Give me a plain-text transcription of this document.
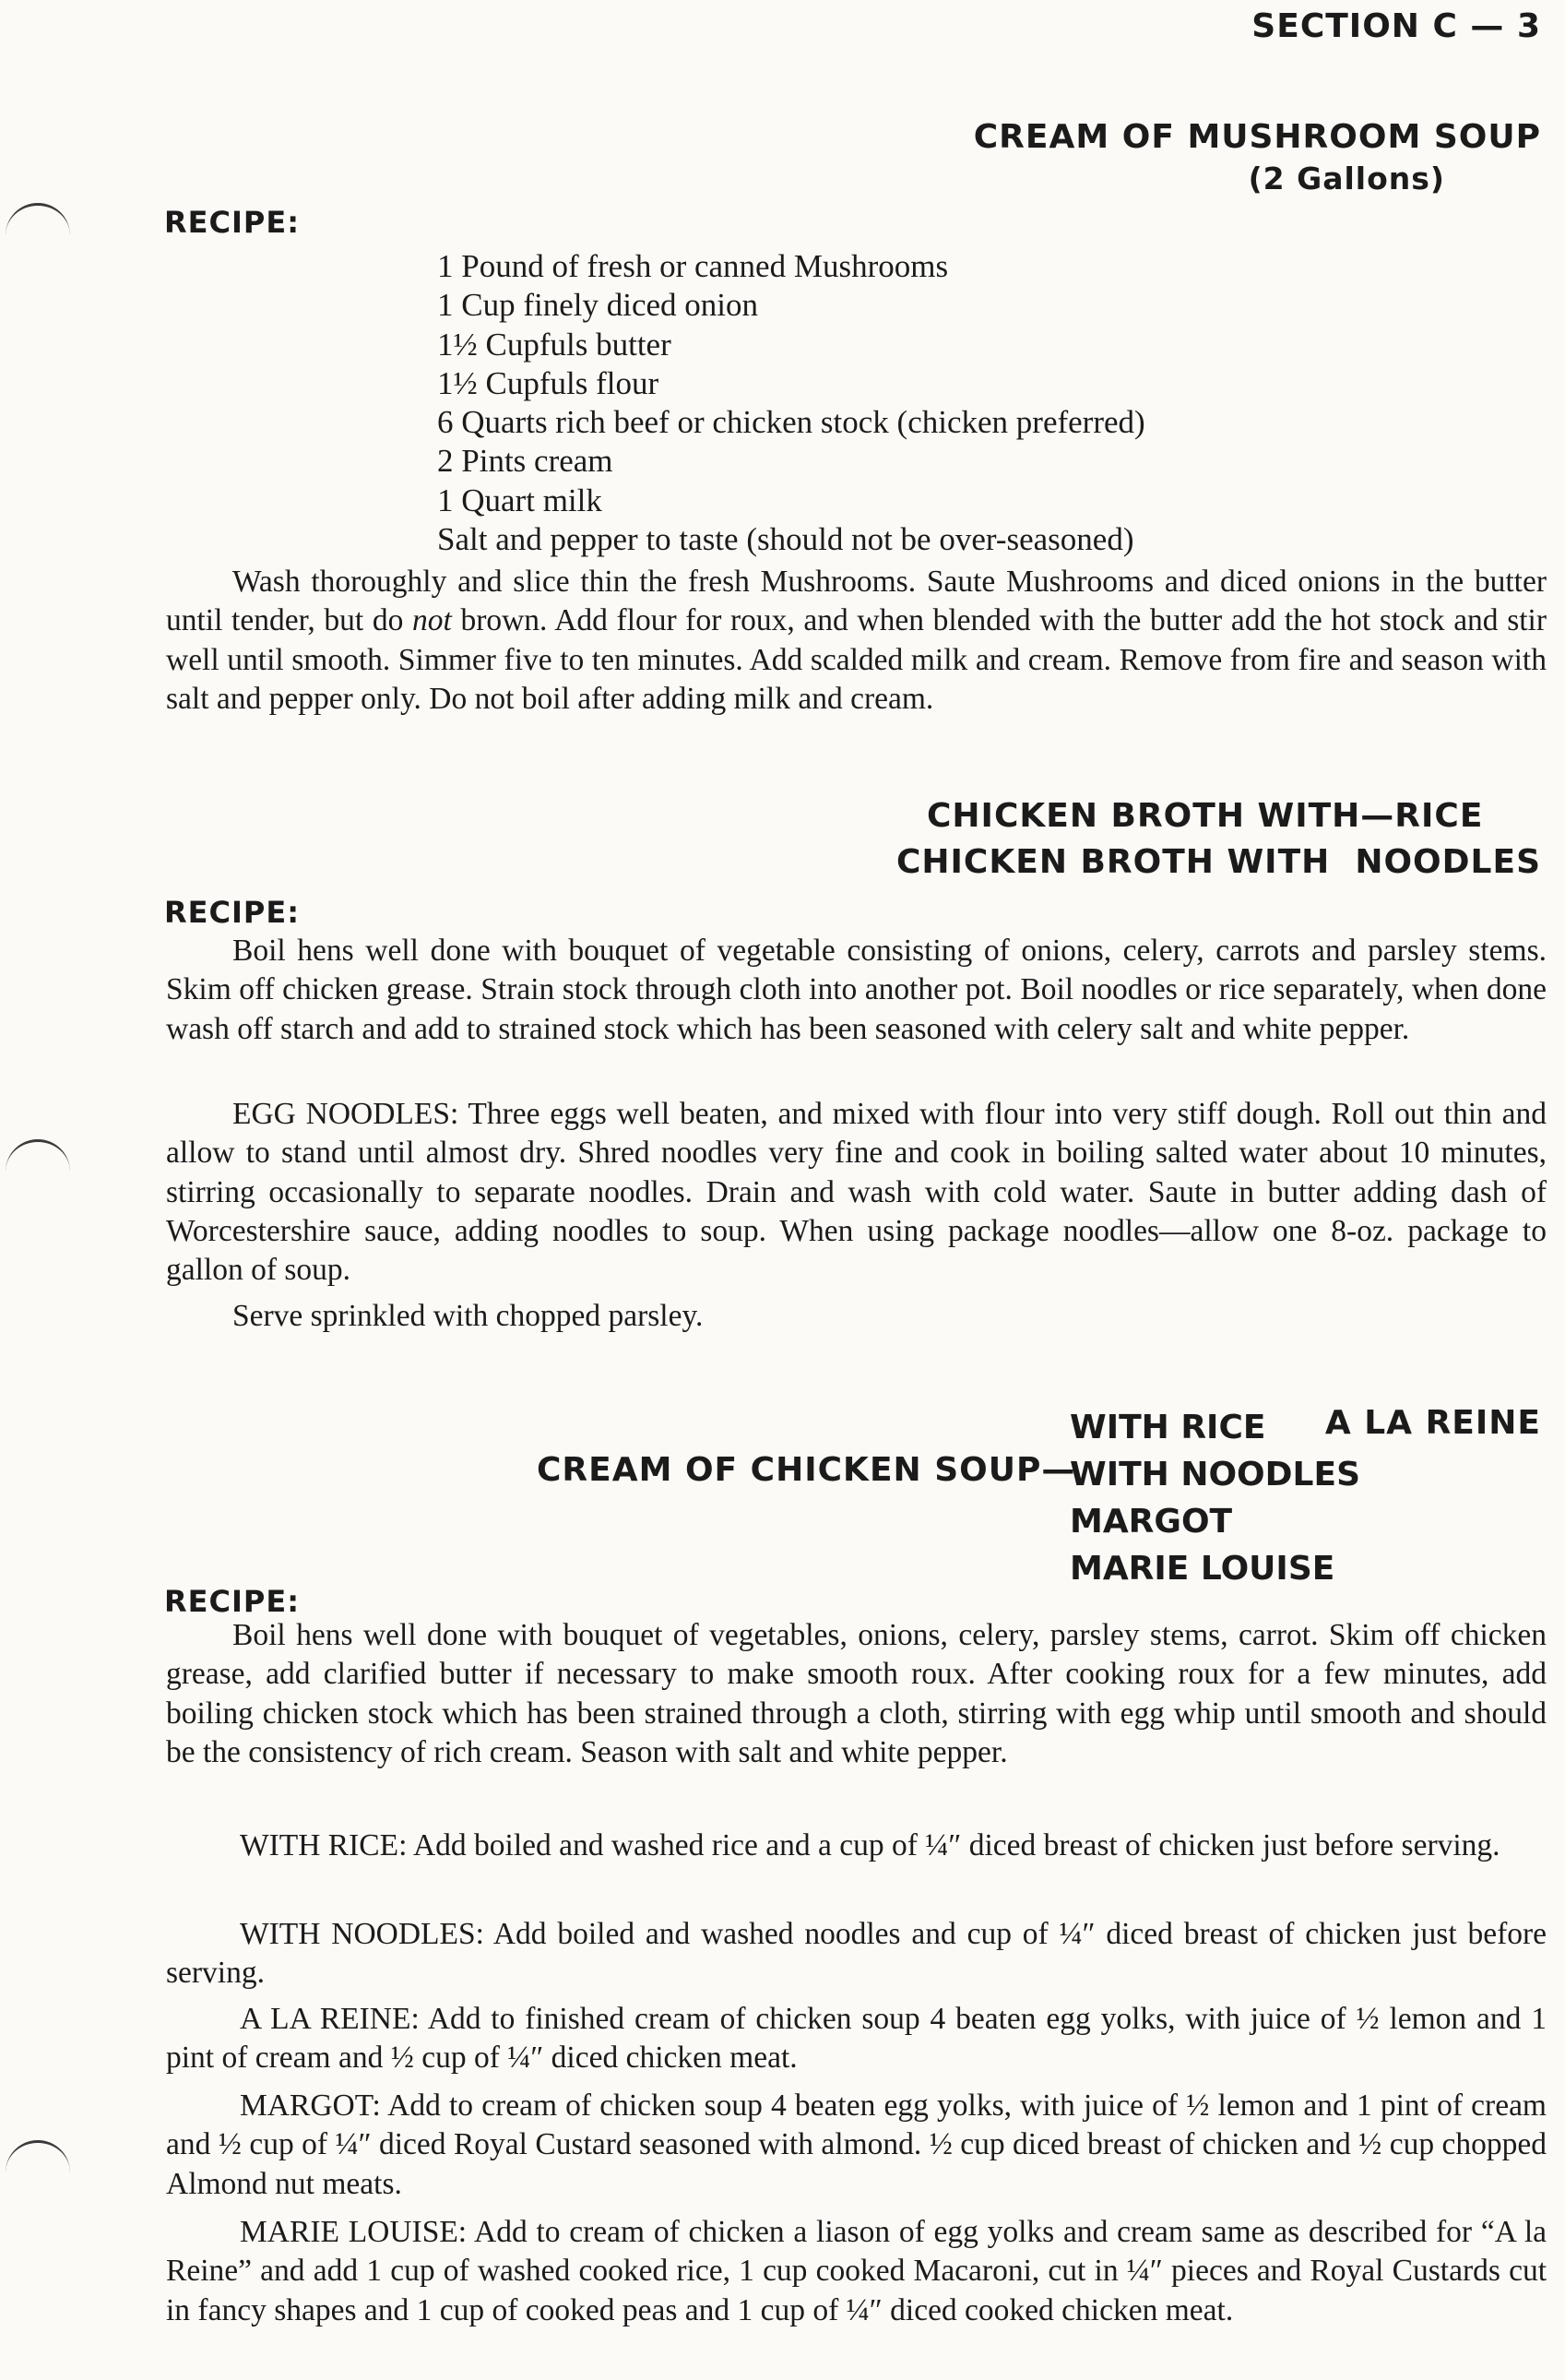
SECTION C — 3
CREAM OF MUSHROOM SOUP
(2 Gallons)
RECIPE:
1 Pound of fresh or canned Mushrooms
1 Cup finely diced onion
1½ Cupfuls butter
1½ Cupfuls flour
6 Quarts rich beef or chicken stock (chicken preferred)
2 Pints cream
1 Quart milk
Salt and pepper to taste (should not be over-seasoned)

Wash thoroughly and slice thin the fresh Mushrooms. Saute Mushrooms and diced onions in the butter until tender, but do not brown. Add flour for roux, and when blended with the butter add the hot stock and stir well until smooth. Simmer five to ten minutes. Add scalded milk and cream. Remove from fire and season with salt and pepper only. Do not boil after adding milk and cream.

CHICKEN BROTH WITH—RICE
CHICKEN BROTH WITH  NOODLES
RECIPE:

Boil hens well done with bouquet of vegetable consisting of onions, celery, carrots and parsley stems. Skim off chicken grease. Strain stock through cloth into another pot. Boil noodles or rice separately, when done wash off starch and add to strained stock which has been seasoned with celery salt and white pepper.

EGG NOODLES: Three eggs well beaten, and mixed with flour into very stiff dough. Roll out thin and allow to stand until almost dry. Shred noodles very fine and cook in boiling salted water about 10 minutes, stirring occasionally to separate noodles. Drain and wash with cold water. Saute in butter adding dash of Worcestershire sauce, adding noodles to soup. When using package noodles—allow one 8-oz. package to gallon of soup.

Serve sprinkled with chopped parsley.

CREAM OF CHICKEN SOUP—
WITH RICE
WITH NOODLES
MARGOT
MARIE LOUISE
A LA REINE
RECIPE:

Boil hens well done with bouquet of vegetables, onions, celery, parsley stems, carrot. Skim off chicken grease, add clarified butter if necessary to make smooth roux. After cooking roux for a few minutes, add boiling chicken stock which has been strained through a cloth, stirring with egg whip until smooth and should be the consistency of rich cream. Season with salt and white pepper.

WITH RICE: Add boiled and washed rice and a cup of ¼″ diced breast of chicken just before serving.

WITH NOODLES: Add boiled and washed noodles and cup of ¼″ diced breast of chicken just before serving.

A LA REINE: Add to finished cream of chicken soup 4 beaten egg yolks, with juice of ½ lemon and 1 pint of cream and ½ cup of ¼″ diced chicken meat.

MARGOT: Add to cream of chicken soup 4 beaten egg yolks, with juice of ½ lemon and 1 pint of cream and ½ cup of ¼″ diced Royal Custard seasoned with almond. ½ cup diced breast of chicken and ½ cup chopped Almond nut meats.

MARIE LOUISE: Add to cream of chicken a liason of egg yolks and cream same as described for “A la Reine” and add 1 cup of washed cooked rice, 1 cup cooked Macaroni, cut in ¼″ pieces and Royal Custards cut in fancy shapes and 1 cup of cooked peas and 1 cup of ¼″ diced cooked chicken meat.
